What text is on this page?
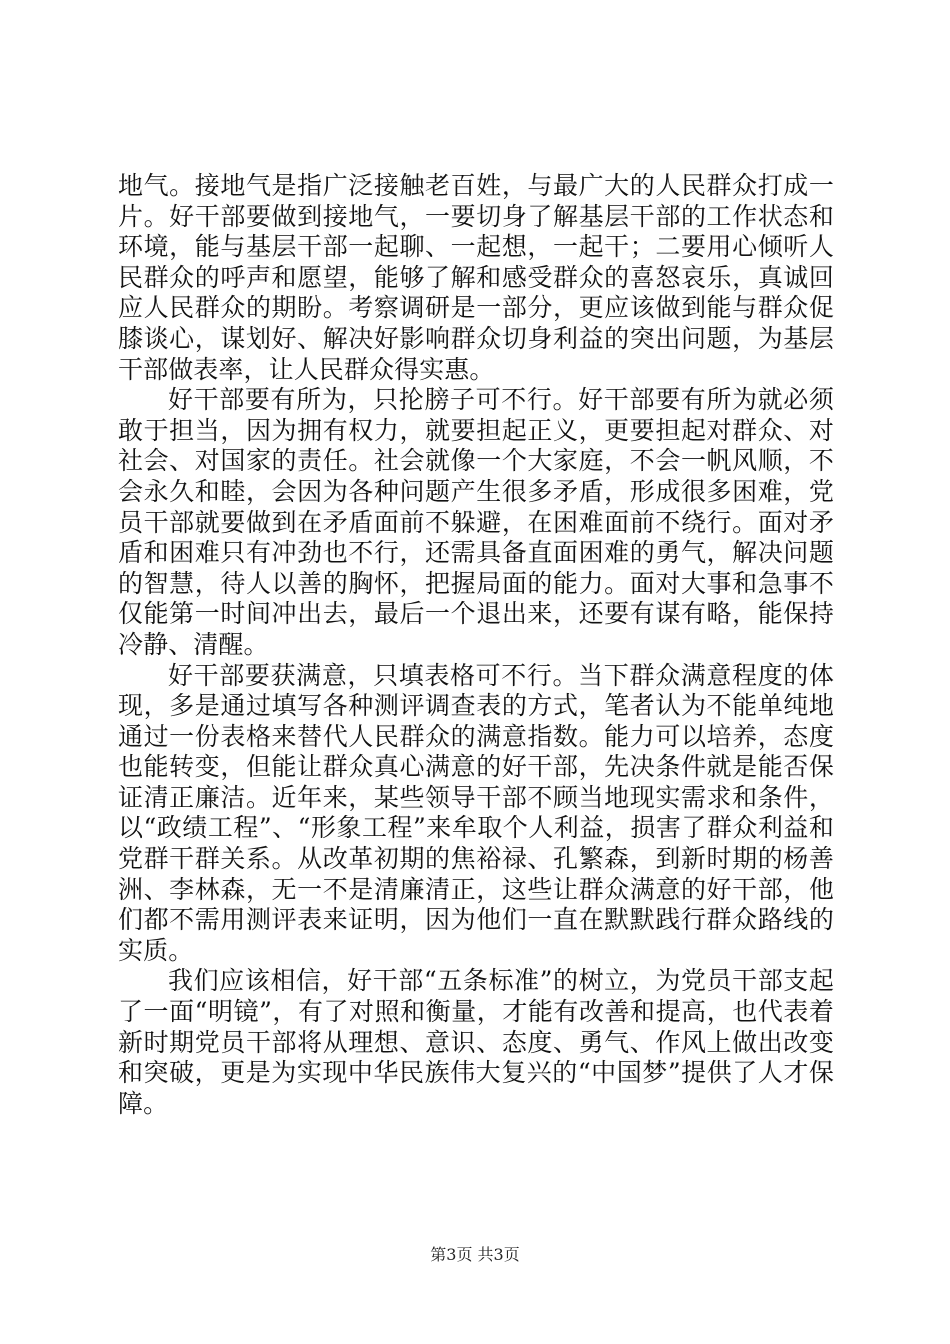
地气。接地气是指广泛接触老百姓，与最广大的人民群众打成一片。好干部要做到接地气，一要切身了解基层干部的工作状态和环境，能与基层干部一起聊、一起想，一起干；二要用心倾听人民群众的呼声和愿望，能够了解和感受群众的喜怒哀乐，真诚回应人民群众的期盼。考察调研是一部分，更应该做到能与群众促膝谈心，谋划好、解决好影响群众切身利益的突出问题，为基层干部做表率，让人民群众得实惠。

好干部要有所为，只抡膀子可不行。好干部要有所为就必须敢于担当，因为拥有权力，就要担起正义，更要担起对群众、对社会、对国家的责任。社会就像一个大家庭，不会一帆风顺，不会永久和睦，会因为各种问题产生很多矛盾，形成很多困难，党员干部就要做到在矛盾面前不躲避，在困难面前不绕行。面对矛盾和困难只有冲劲也不行，还需具备直面困难的勇气，解决问题的智慧，待人以善的胸怀，把握局面的能力。面对大事和急事不仅能第一时间冲出去，最后一个退出来，还要有谋有略，能保持冷静、清醒。

好干部要获满意，只填表格可不行。当下群众满意程度的体现，多是通过填写各种测评调查表的方式，笔者认为不能单纯地通过一份表格来替代人民群众的满意指数。能力可以培养，态度也能转变，但能让群众真心满意的好干部，先决条件就是能否保证清正廉洁。近年来，某些领导干部不顾当地现实需求和条件，以“政绩工程”、“形象工程”来牟取个人利益，损害了群众利益和党群干群关系。从改革初期的焦裕禄、孔繁森，到新时期的杨善洲、李林森，无一不是清廉清正，这些让群众满意的好干部，他们都不需用测评表来证明，因为他们一直在默默践行群众路线的实质。

我们应该相信，好干部“五条标准”的树立，为党员干部支起了一面“明镜”，有了对照和衡量，才能有改善和提高，也代表着新时期党员干部将从理想、意识、态度、勇气、作风上做出改变和突破，更是为实现中华民族伟大复兴的“中国梦”提供了人才保障。

第3页 共3页
